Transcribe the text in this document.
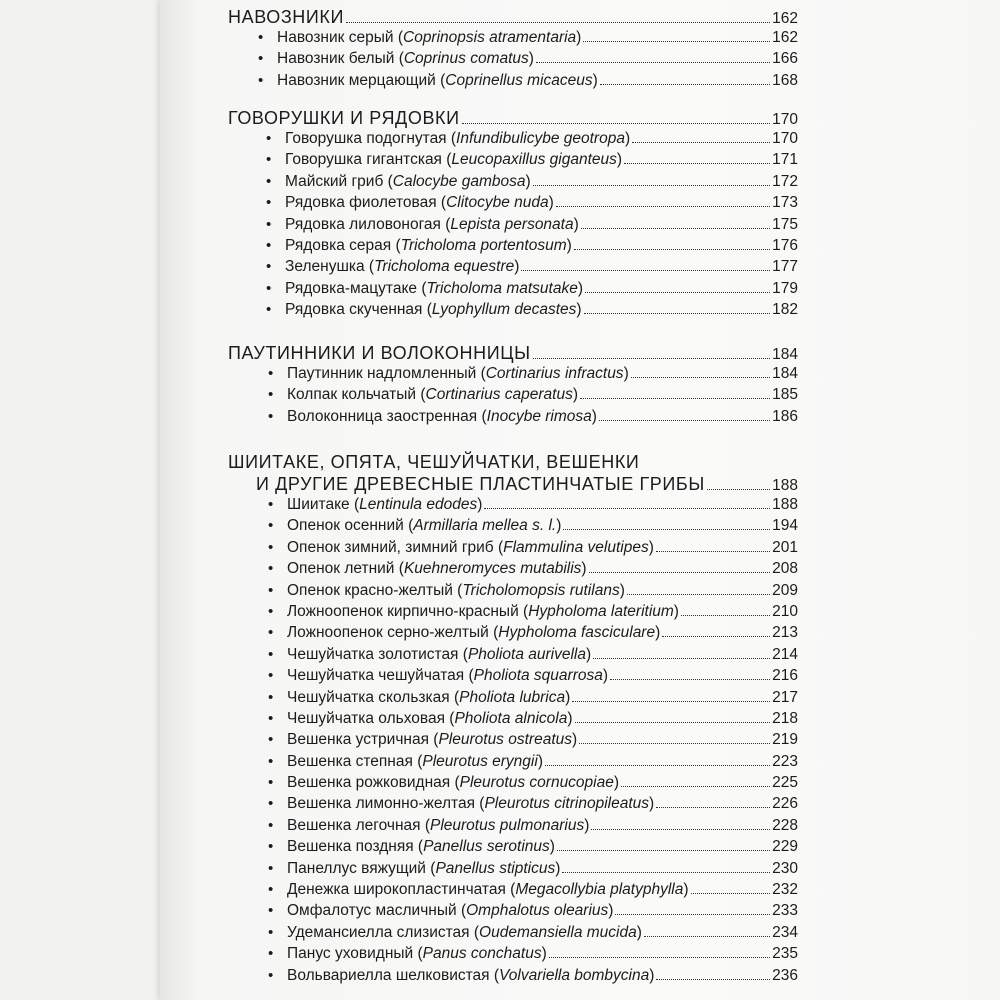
НАВОЗНИКИ	162
• Навозник серый ( Coprinopsis atramentaria )	162
• Навозник белый ( Coprinus comatus )	166
• Навозник мерцающий ( Coprinellus micaceus )	168
ГОВОРУШКИ И РЯДОВКИ	170
• Говорушка подогнутая ( Infundibulicybe geotropa )	170
• Говорушка гигантская ( Leucopaxillus giganteus )	171
• Майский гриб ( Calocybe gambosa )	172
• Рядовка фиолетовая ( Clitocybe nuda )	173
• Рядовка лиловоногая ( Lepista personata )	175
• Рядовка серая ( Tricholoma portentosum )	176
• Зеленушка ( Tricholoma equestre )	177
• Рядовка-мацутаке ( Tricholoma matsutake )	179
• Рядовка скученная ( Lyophyllum decastes )	182
ПАУТИННИКИ И ВОЛОКОННИЦЫ	184
• Паутинник надломленный ( Cortinarius infractus )	184
• Колпак кольчатый ( Cortinarius caperatus )	185
• Волоконница заостренная ( Inocybe rimosa )	186
ШИИТАКЕ, ОПЯТА, ЧЕШУЙЧАТКИ, ВЕШЕНКИ
И ДРУГИЕ ДРЕВЕСНЫЕ ПЛАСТИНЧАТЫЕ ГРИБЫ	188
• Шиитаке ( Lentinula edodes )	188
• Опенок осенний ( Armillaria mellea s. l. )	194
• Опенок зимний, зимний гриб ( Flammulina velutipes )	201
• Опенок летний ( Kuehneromyces mutabilis )	208
• Опенок красно-желтый ( Tricholomopsis rutilans )	209
• Ложноопенок кирпично-красный ( Hypholoma lateritium )	210
• Ложноопенок серно-желтый ( Hypholoma fasciculare )	213
• Чешуйчатка золотистая ( Pholiota aurivella )	214
• Чешуйчатка чешуйчатая ( Pholiota squarrosa )	216
• Чешуйчатка скользкая ( Pholiota lubrica )	217
• Чешуйчатка ольховая ( Pholiota alnicola )	218
• Вешенка устричная ( Pleurotus ostreatus )	219
• Вешенка степная ( Pleurotus eryngii )	223
• Вешенка рожковидная ( Pleurotus cornucopiae )	225
• Вешенка лимонно-желтая ( Pleurotus citrinopileatus )	226
• Вешенка легочная ( Pleurotus pulmonarius )	228
• Вешенка поздняя ( Panellus serotinus )	229
• Панеллус вяжущий ( Panellus stipticus )	230
• Денежка широкопластинчатая ( Megacollybia platyphylla )	232
• Омфалотус масличный ( Omphalotus olearius )	233
• Удемансиелла слизистая ( Oudemansiella mucida )	234
• Панус уховидный ( Panus conchatus )	235
• Вольвариелла шелковистая ( Volvariella bombycina )	236
